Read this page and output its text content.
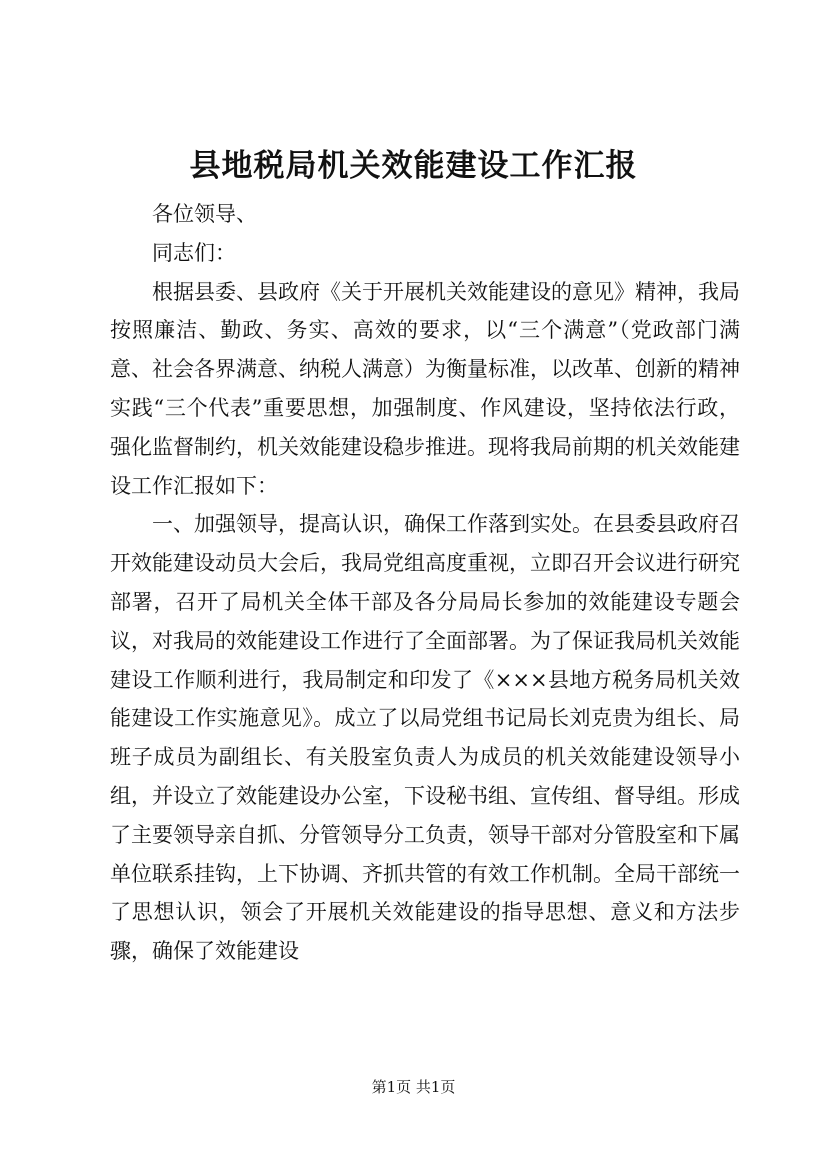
县地税局机关效能建设工作汇报

各位领导、

同志们：

根据县委、县政府《关于开展机关效能建设的意见》精神，我局按照廉洁、勤政、务实、高效的要求，以“三个满意”（党政部门满意、社会各界满意、纳税人满意）为衡量标准，以改革、创新的精神实践“三个代表”重要思想，加强制度、作风建设，坚持依法行政，强化监督制约，机关效能建设稳步推进。现将我局前期的机关效能建设工作汇报如下：

一、加强领导，提高认识，确保工作落到实处。在县委县政府召开效能建设动员大会后，我局党组高度重视，立即召开会议进行研究部署，召开了局机关全体干部及各分局局长参加的效能建设专题会议，对我局的效能建设工作进行了全面部署。为了保证我局机关效能建设工作顺利进行，我局制定和印发了《×××县地方税务局机关效能建设工作实施意见》。成立了以局党组书记局长刘克贵为组长、局班子成员为副组长、有关股室负责人为成员的机关效能建设领导小组，并设立了效能建设办公室，下设秘书组、宣传组、督导组。形成了主要领导亲自抓、分管领导分工负责，领导干部对分管股室和下属单位联系挂钩，上下协调、齐抓共管的有效工作机制。全局干部统一了思想认识，领会了开展机关效能建设的指导思想、意义和方法步骤，确保了效能建设

第1页 共1页
